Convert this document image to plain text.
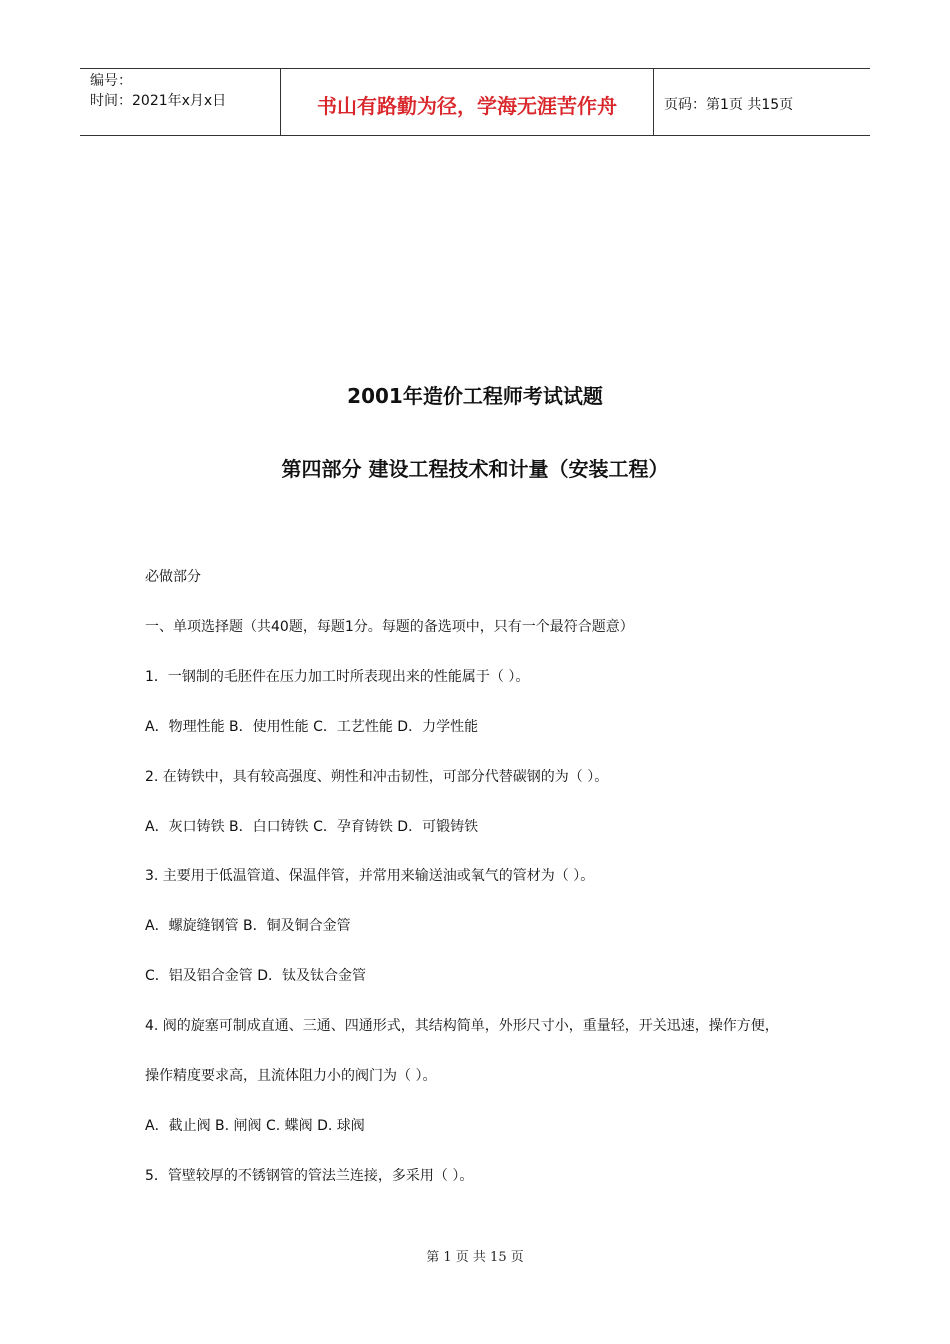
编号：
时间：2021年x月x日	书山有路勤为径，学海无涯苦作舟	页码：第1页 共15页
2001年造价工程师考试试题
第四部分 建设工程技术和计量（安装工程）
必做部分
一、单项选择题（共40题，每题1分。每题的备选项中，只有一个最符合题意）
1．一钢制的毛胚件在压力加工时所表现出来的性能属于（ ）。
A．物理性能 B．使用性能 C．工艺性能 D．力学性能
2. 在铸铁中，具有较高强度、朔性和冲击韧性，可部分代替碳钢的为（ ）。
A．灰口铸铁 B．白口铸铁 C．孕育铸铁 D．可锻铸铁
3. 主要用于低温管道、保温伴管，并常用来输送油或氧气的管材为（ ）。
A．螺旋缝钢管 B．铜及铜合金管
C．铝及铝合金管 D．钛及钛合金管
4. 阀的旋塞可制成直通、三通、四通形式，其结构简单，外形尺寸小，重量轻，开关迅速，操作方便，
操作精度要求高，且流体阻力小的阀门为（ ）。
A．截止阀 B. 闸阀 C. 蝶阀 D. 球阀
5．管壁较厚的不锈钢管的管法兰连接，多采用（ ）。
第 1 页 共 15 页
